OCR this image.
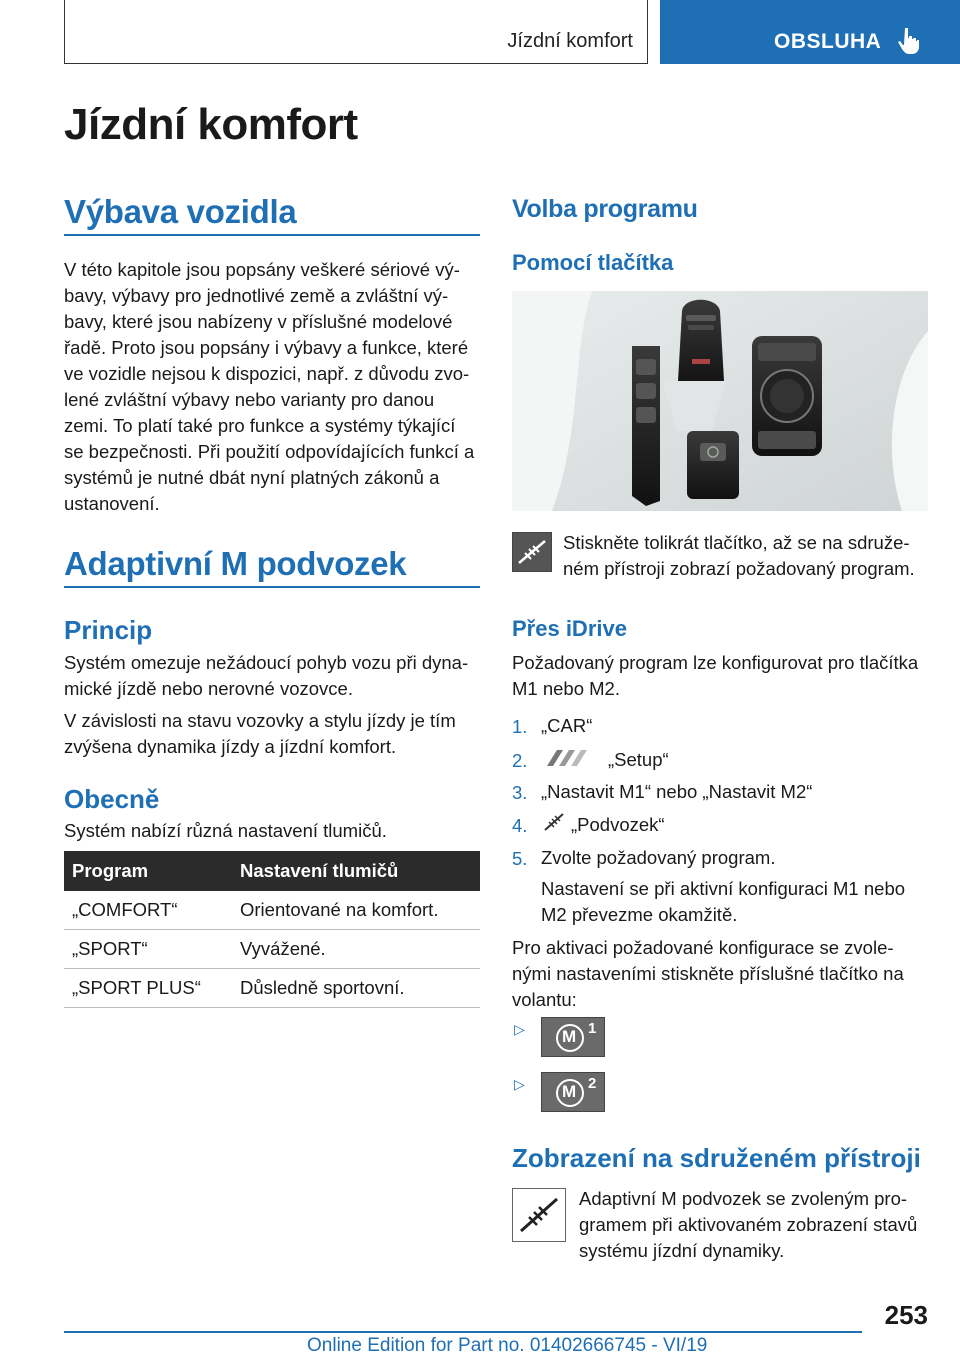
Jízdní komfort	OBSLUHA
Jízdní komfort
Výbava vozidla
V této kapitole jsou popsány veškeré sériové vý‐
bavy, výbavy pro jednotlivé země a zvláštní vý‐
bavy, které jsou nabízeny v příslušné modelové
řadě. Proto jsou popsány i výbavy a funkce, které
ve vozidle nejsou k dispozici, např. z důvodu zvo‐
lené zvláštní výbavy nebo varianty pro danou
zemi. To platí také pro funkce a systémy týkající
se bezpečnosti. Při použití odpovídajících funkcí a
systémů je nutné dbát nyní platných zákonů a
ustanovení.
Adaptivní M podvozek
Princip
Systém omezuje nežádoucí pohyb vozu při dyna‐
mické jízdě nebo nerovné vozovce.
V závislosti na stavu vozovky a stylu jízdy je tím
zvýšena dynamika jízdy a jízdní komfort.
Obecně
Systém nabízí různá nastavení tlumičů.
Program	Nastavení tlumičů
„COMFORT“	Orientované na komfort.
„SPORT“	Vyvážené.
„SPORT PLUS“	Důsledně sportovní.
Volba programu
Pomocí tlačítka
Stiskněte tolikrát tlačítko, až se na sdruže‐
ném přístroji zobrazí požadovaný program.
Přes iDrive
Požadovaný program lze konfigurovat pro tlačítka
M1 nebo M2.
1. „CAR“
2.	„Setup“
3. „Nastavit M1“ nebo „Nastavit M2“
4. „Podvozek“
5. Zvolte požadovaný program.
Nastavení se při aktivní konfiguraci M1 nebo
M2 převezme okamžitě.
Pro aktivaci požadované konfigurace se zvole‐
nými nastaveními stiskněte příslušné tlačítko na
volantu:
▷ M 1
▷ M 2
Zobrazení na sdruženém přístroji
Adaptivní M podvozek se zvoleným pro‐
gramem při aktivovaném zobrazení stavů
systému jízdní dynamiky.
253
Online Edition for Part no. 01402666745 - VI/19
